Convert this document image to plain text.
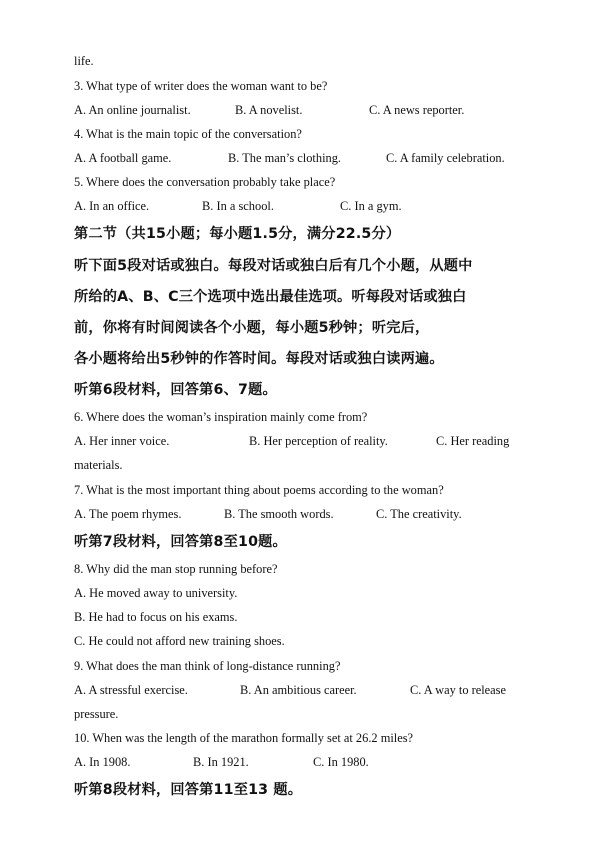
life.
3. What type of writer does the woman want to be?
A. An online journalist.	B. A novelist.	C. A news reporter.
4. What is the main topic of the conversation?
A. A football game.	B. The man’s clothing.	C. A family celebration.
5. Where does the conversation probably take place?
A. In an office.	B. In a school.	C. In a gym.
第二节（共15小题；每小题1.5分，满分22.5分）
听下面5段对话或独白。每段对话或独白后有几个小题，从题中
所给的A、B、C三个选项中选出最佳选项。听每段对话或独白
前，你将有时间阅读各个小题，每小题5秒钟；听完后，
各小题将给出5秒钟的作答时间。每段对话或独白读两遍。
听第6段材料，回答第6、7题。
6. Where does the woman’s inspiration mainly come from?
A. Her inner voice.	B. Her perception of reality.	C. Her reading
materials.
7. What is the most important thing about poems according to the woman?
A. The poem rhymes.	B. The smooth words.	C. The creativity.
听第7段材料，回答第8至10题。
8. Why did the man stop running before?
A. He moved away to university.
B. He had to focus on his exams.
C. He could not afford new training shoes.
9. What does the man think of long-distance running?
A. A stressful exercise.	B. An ambitious career.	C. A way to release
pressure.
10. When was the length of the marathon formally set at 26.2 miles?
A. In 1908.	B. In 1921.	C. In 1980.
听第8段材料，回答第11至13 题。
